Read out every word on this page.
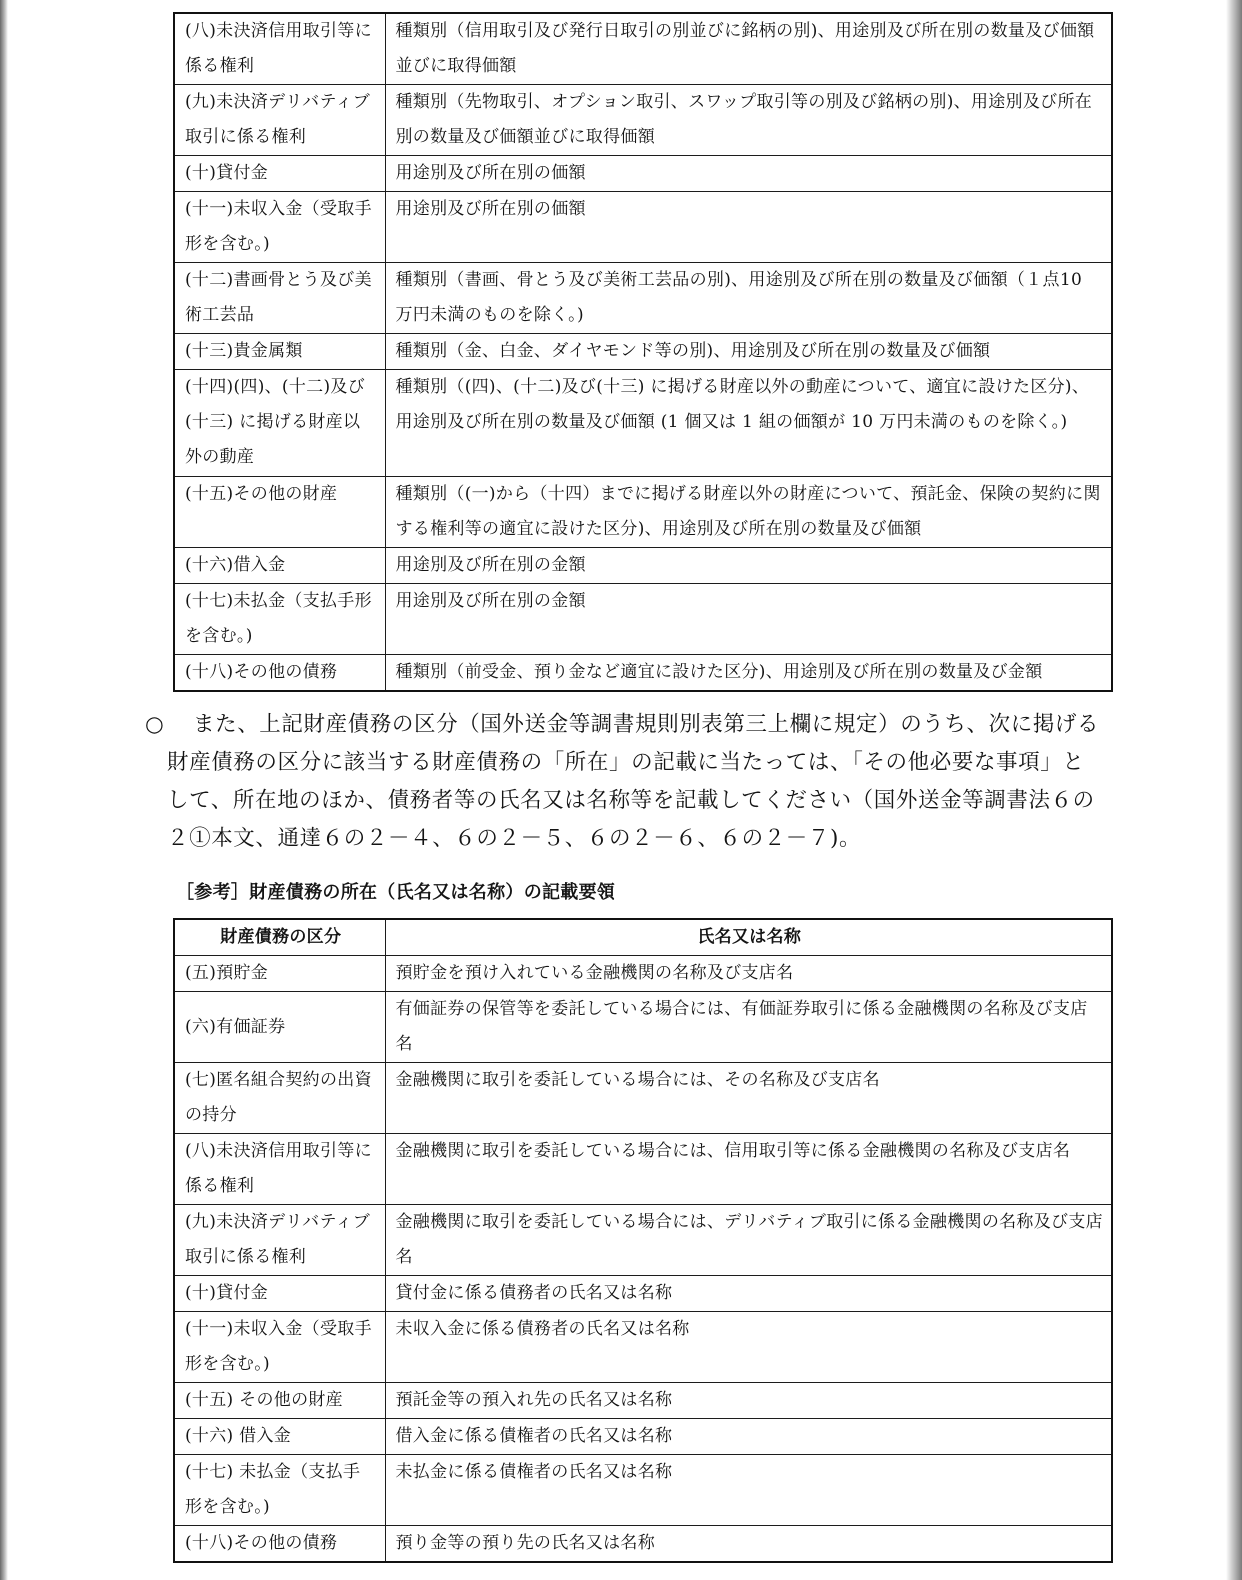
(八)未決済信用取引等に係る権利	種類別（信用取引及び発行日取引の別並びに銘柄の別)、用途別及び所在別の数量及び価額並びに取得価額
(九)未決済デリバティブ取引に係る権利	種類別（先物取引、オプション取引、スワップ取引等の別及び銘柄の別)、用途別及び所在別の数量及び価額並びに取得価額
(十)貸付金	用途別及び所在別の価額
(十一)未収入金（受取手形を含む。)	用途別及び所在別の価額
(十二)書画骨とう及び美術工芸品	種類別（書画、骨とう及び美術工芸品の別)、用途別及び所在別の数量及び価額（１点10 万円未満のものを除く。)
(十三)貴金属類	種類別（金、白金、ダイヤモンド等の別)、用途別及び所在別の数量及び価額
(十四)(四)、(十二)及び(十三) に掲げる財産以外の動産	種類別（(四)、(十二)及び(十三) に掲げる財産以外の動産について、適宜に設けた区分)、用途別及び所在別の数量及び価額 (1 個又は 1 組の価額が 10 万円未満のものを除く。)
(十五)その他の財産	種類別（(一)から（十四）までに掲げる財産以外の財産について、預託金、保険の契約に関する権利等の適宜に設けた区分)、用途別及び所在別の数量及び価額
(十六)借入金	用途別及び所在別の金額
(十七)未払金（支払手形を含む。)	用途別及び所在別の金額
(十八)その他の債務	種類別（前受金、預り金など適宜に設けた区分)、用途別及び所在別の数量及び金額
○ また、上記財産債務の区分（国外送金等調書規則別表第三上欄に規定）のうち、次に掲げる
財産債務の区分に該当する財産債務の「所在」の記載に当たっては、「その他必要な事項」と
して、所在地のほか、債務者等の氏名又は名称等を記載してください（国外送金等調書法６の
２①本文、通達６の２－４、６の２－５、６の２－６、６の２－７)。
［参考］財産債務の所在（氏名又は名称）の記載要領
財産債務の区分	氏名又は名称
(五)預貯金	預貯金を預け入れている金融機関の名称及び支店名
(六)有価証券	有価証券の保管等を委託している場合には、有価証券取引に係る金融機関の名称及び支店名
(七)匿名組合契約の出資の持分	金融機関に取引を委託している場合には、その名称及び支店名
(八)未決済信用取引等に係る権利	金融機関に取引を委託している場合には、信用取引等に係る金融機関の名称及び支店名
(九)未決済デリバティブ取引に係る権利	金融機関に取引を委託している場合には、デリバティブ取引に係る金融機関の名称及び支店名
(十)貸付金	貸付金に係る債務者の氏名又は名称
(十一)未収入金（受取手形を含む。)	未収入金に係る債務者の氏名又は名称
(十五) その他の財産	預託金等の預入れ先の氏名又は名称
(十六) 借入金	借入金に係る債権者の氏名又は名称
(十七) 未払金（支払手形を含む。)	未払金に係る債権者の氏名又は名称
(十八)その他の債務	預り金等の預り先の氏名又は名称
